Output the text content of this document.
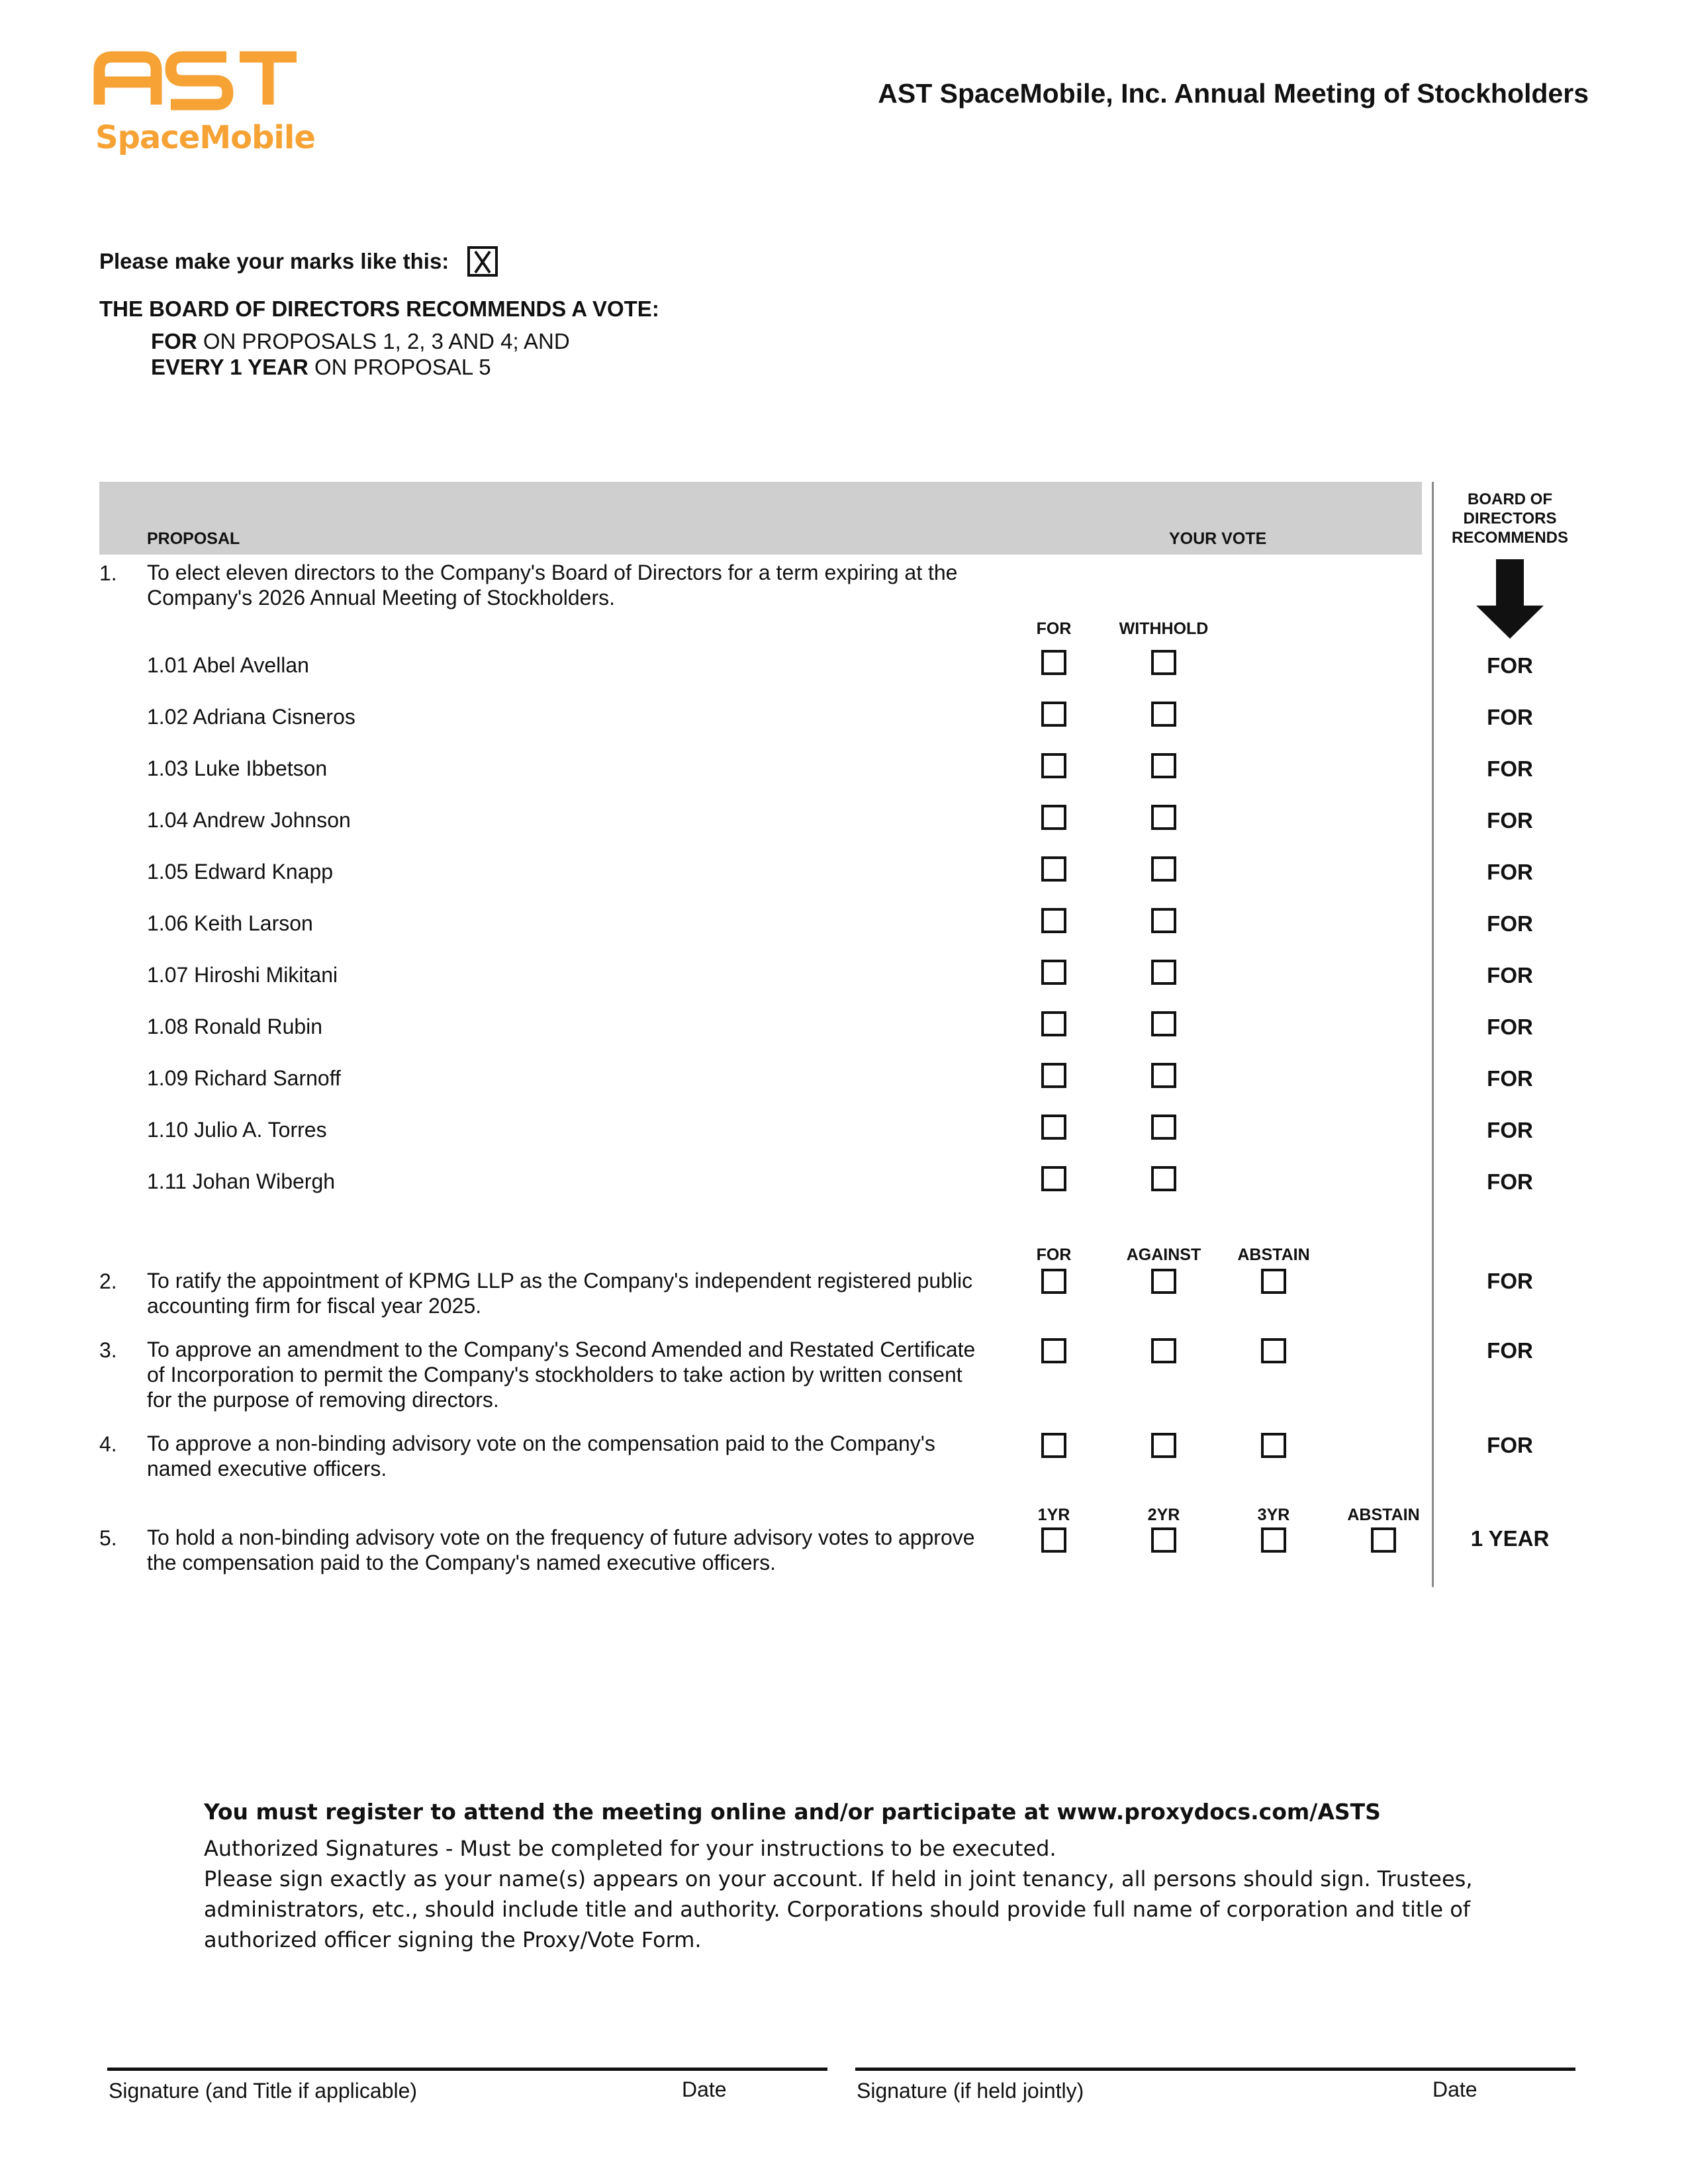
SpaceMobile
AST SpaceMobile, Inc. Annual Meeting of Stockholders
Please make your marks like this:
THE BOARD OF DIRECTORS RECOMMENDS A VOTE:
FOR ON PROPOSALS 1, 2, 3 AND 4; AND
EVERY 1 YEAR ON PROPOSAL 5
PROPOSAL	YOUR VOTE
BOARD OF DIRECTORS RECOMMENDS
1. To elect eleven directors to the Company's Board of Directors for a term expiring at the Company's 2026 Annual Meeting of Stockholders.
FOR	WITHHOLD
1.01 Abel Avellan	FOR
1.02 Adriana Cisneros	FOR
1.03 Luke Ibbetson	FOR
1.04 Andrew Johnson	FOR
1.05 Edward Knapp	FOR
1.06 Keith Larson	FOR
1.07 Hiroshi Mikitani	FOR
1.08 Ronald Rubin	FOR
1.09 Richard Sarnoff	FOR
1.10 Julio A. Torres	FOR
1.11 Johan Wibergh	FOR
FOR	AGAINST ABSTAIN
2. To ratify the appointment of KPMG LLP as the Company's independent registered public accounting firm for fiscal year 2025.
FOR
3. To approve an amendment to the Company's Second Amended and Restated Certificate of Incorporation to permit the Company's stockholders to take action by written consent for the purpose of removing directors.
FOR
4. To approve a non-binding advisory vote on the compensation paid to the Company's named executive officers.
FOR
1YR	2YR	3YR	ABSTAIN
5. To hold a non-binding advisory vote on the frequency of future advisory votes to approve the compensation paid to the Company's named executive officers.
1 YEAR
You must register to attend the meeting online and/or participate at www.proxydocs.com/ASTS
Authorized Signatures - Must be completed for your instructions to be executed.
Please sign exactly as your name(s) appears on your account. If held in joint tenancy, all persons should sign. Trustees, administrators, etc., should include title and authority. Corporations should provide full name of corporation and title of authorized officer signing the Proxy/Vote Form.
Signature (and Title if applicable)	Date	Signature (if held jointly)	Date
